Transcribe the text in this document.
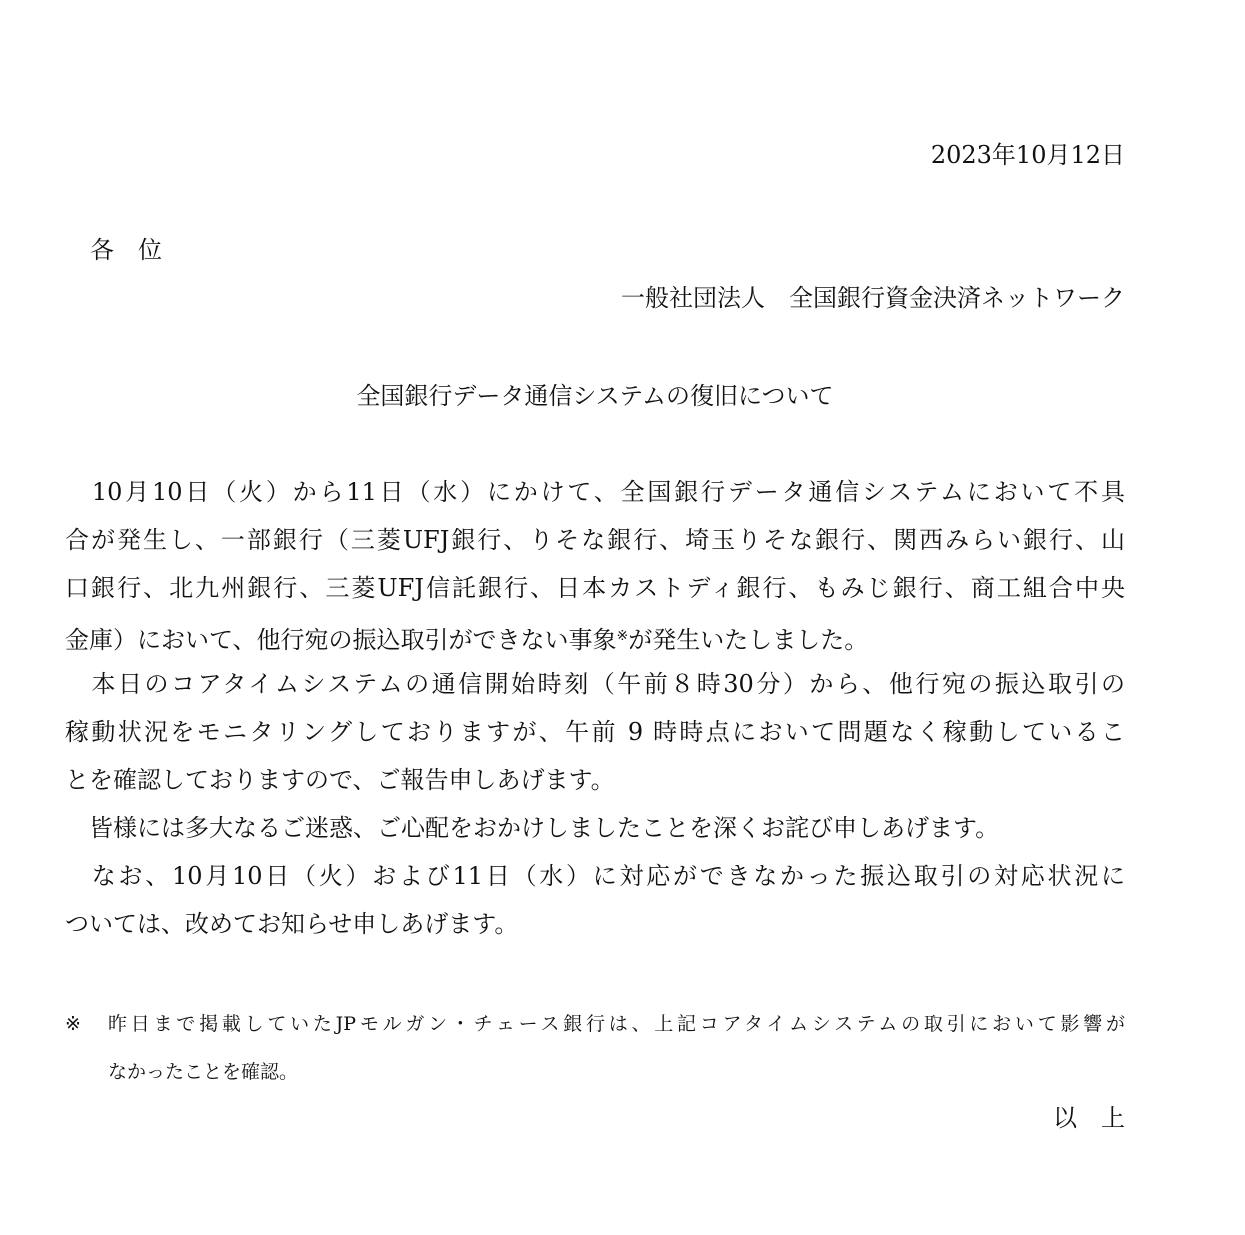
2023年10月12日
各　位
一般社団法人　全国銀行資金決済ネットワーク
全国銀行データ通信システムの復旧について
　10月10日（火）から11日（水）にかけて、全国銀行データ通信システムにおいて不具
合が発生し、一部銀行（三菱UFJ銀行、りそな銀行、埼玉りそな銀行、関西みらい銀行、山
口銀行、北九州銀行、三菱UFJ信託銀行、日本カストディ銀行、もみじ銀行、商工組合中央
金庫）において、他行宛の振込取引ができない事象※が発生いたしました。
　本日のコアタイムシステムの通信開始時刻（午前８時30分）から、他行宛の振込取引の
稼動状況をモニタリングしておりますが、午前 9 時時点において問題なく稼動しているこ
とを確認しておりますので、ご報告申しあげます。
　皆様には多大なるご迷惑、ご心配をおかけしましたことを深くお詫び申しあげます。
　なお、10月10日（火）および11日（水）に対応ができなかった振込取引の対応状況に
ついては、改めてお知らせ申しあげます。
※ 昨日まで掲載していたJPモルガン・チェース銀行は、上記コアタイムシステムの取引において影響が
なかったことを確認。
以　上
